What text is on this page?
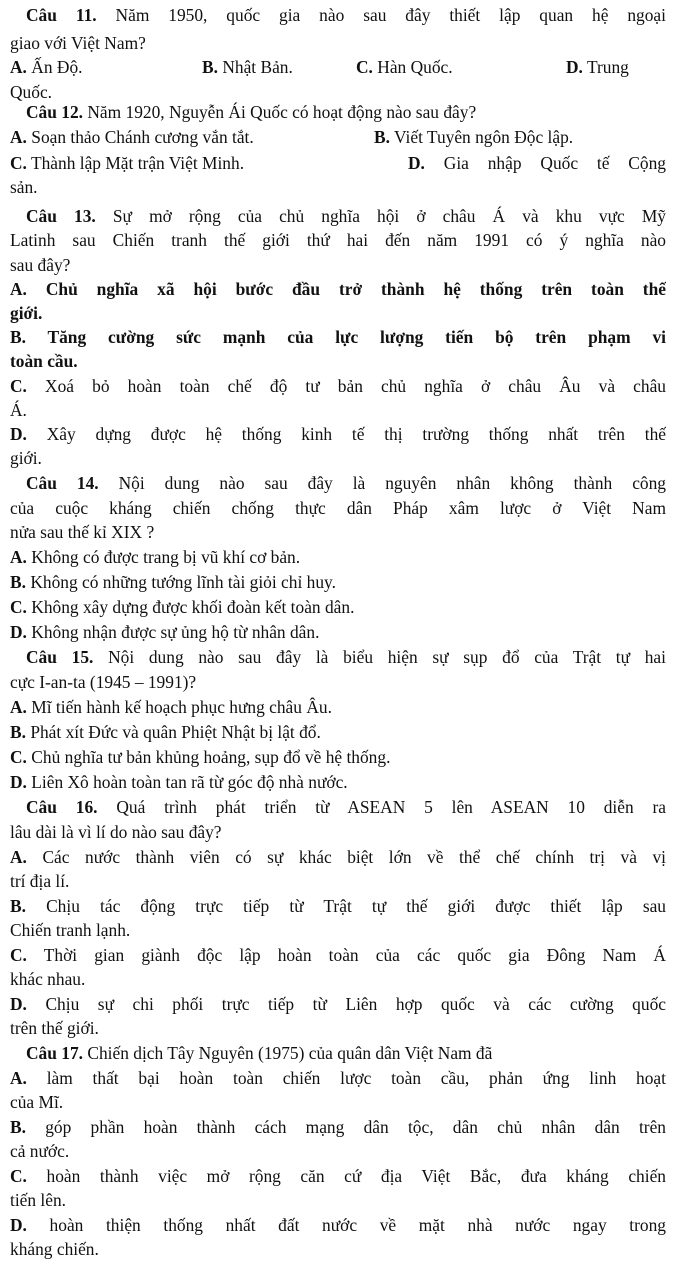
Câu 11. Năm 1950, quốc gia nào sau đây thiết lập quan hệ ngoại
giao với Việt Nam?
A. Ấn Độ.	B. Nhật Bản.	C. Hàn Quốc.	D. Trung
Quốc.
Câu 12. Năm 1920, Nguyễn Ái Quốc có hoạt động nào sau đây?
A. Soạn thảo Chánh cương vắn tắt.	B. Viết Tuyên ngôn Độc lập.
C. Thành lập Mặt trận Việt Minh.	D. Gia nhập Quốc tế Cộng
sản.
Câu 13. Sự mở rộng của chủ nghĩa hội ở châu Á và khu vực Mỹ
Latinh sau Chiến tranh thế giới thứ hai đến năm 1991 có ý nghĩa nào
sau đây?
A. Chủ nghĩa xã hội bước đầu trở thành hệ thống trên toàn thế
giới.
B. Tăng cường sức mạnh của lực lượng tiến bộ trên phạm vi
toàn cầu.
C. Xoá bỏ hoàn toàn chế độ tư bản chủ nghĩa ở châu Âu và châu
Á.
D. Xây dựng được hệ thống kinh tế thị trường thống nhất trên thế
giới.
Câu 14. Nội dung nào sau đây là nguyên nhân không thành công
của cuộc kháng chiến chống thực dân Pháp xâm lược ở Việt Nam
nửa sau thế kỉ XIX ?
A. Không có được trang bị vũ khí cơ bản.
B. Không có những tướng lĩnh tài giỏi chỉ huy.
C. Không xây dựng được khối đoàn kết toàn dân.
D. Không nhận được sự ủng hộ từ nhân dân.
Câu 15. Nội dung nào sau đây là biểu hiện sự sụp đổ của Trật tự hai
cực I-an-ta (1945 – 1991)?
A. Mĩ tiến hành kế hoạch phục hưng châu Âu.
B. Phát xít Đức và quân Phiệt Nhật bị lật đổ.
C. Chủ nghĩa tư bản khủng hoảng, sụp đổ về hệ thống.
D. Liên Xô hoàn toàn tan rã từ góc độ nhà nước.
Câu 16. Quá trình phát triển từ ASEAN 5 lên ASEAN 10 diễn ra
lâu dài là vì lí do nào sau đây?
A. Các nước thành viên có sự khác biệt lớn về thể chế chính trị và vị
trí địa lí.
B. Chịu tác động trực tiếp từ Trật tự thế giới được thiết lập sau
Chiến tranh lạnh.
C. Thời gian giành độc lập hoàn toàn của các quốc gia Đông Nam Á
khác nhau.
D. Chịu sự chi phối trực tiếp từ Liên hợp quốc và các cường quốc
trên thế giới.
Câu 17. Chiến dịch Tây Nguyên (1975) của quân dân Việt Nam đã
A. làm thất bại hoàn toàn chiến lược toàn cầu, phản ứng linh hoạt
của Mĩ.
B. góp phần hoàn thành cách mạng dân tộc, dân chủ nhân dân trên
cả nước.
C. hoàn thành việc mở rộng căn cứ địa Việt Bắc, đưa kháng chiến
tiến lên.
D. hoàn thiện thống nhất đất nước về mặt nhà nước ngay trong
kháng chiến.
